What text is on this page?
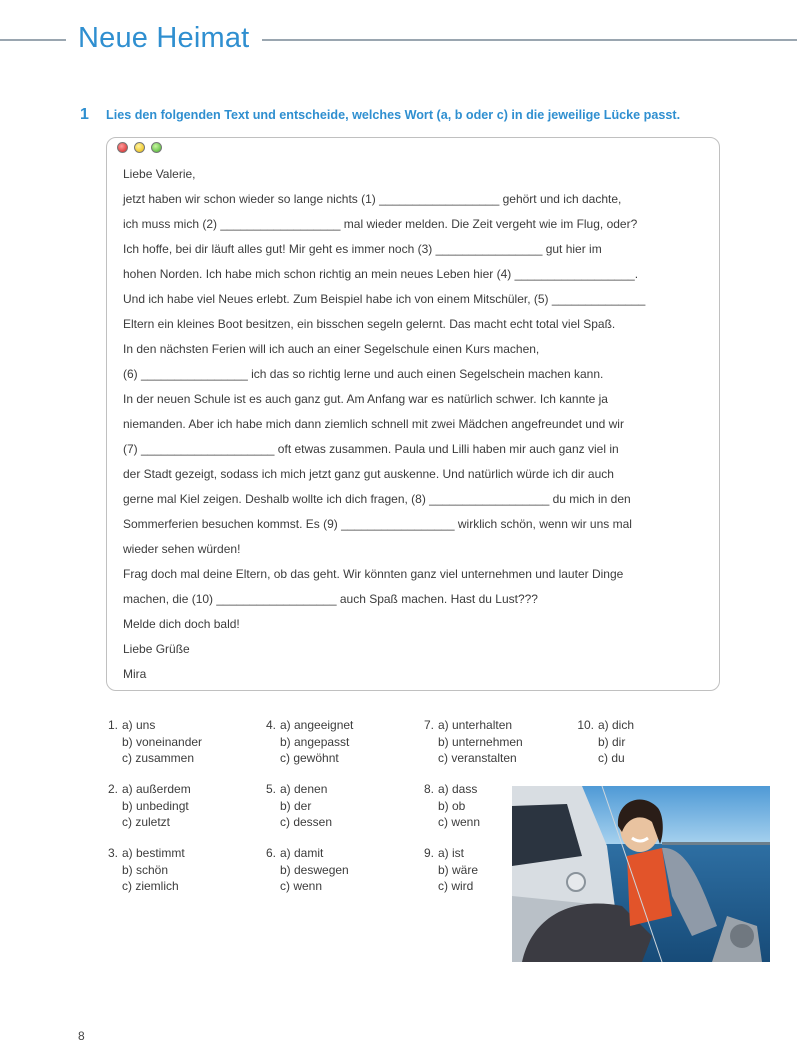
Neue Heimat
1 Lies den folgenden Text und entscheide, welches Wort (a, b oder c) in die jeweilige Lücke passt.
Liebe Valerie,
jetzt haben wir schon wieder so lange nichts (1) __________________ gehört und ich dachte,
ich muss mich (2) __________________ mal wieder melden. Die Zeit vergeht wie im Flug, oder?
Ich hoffe, bei dir läuft alles gut! Mir geht es immer noch (3) ________________ gut hier im
hohen Norden. Ich habe mich schon richtig an mein neues Leben hier (4) __________________.
Und ich habe viel Neues erlebt. Zum Beispiel habe ich von einem Mitschüler, (5) ______________
Eltern ein kleines Boot besitzen, ein bisschen segeln gelernt. Das macht echt total viel Spaß.
In den nächsten Ferien will ich auch an einer Segelschule einen Kurs machen,
(6) ________________ ich das so richtig lerne und auch einen Segelschein machen kann.
In der neuen Schule ist es auch ganz gut. Am Anfang war es natürlich schwer. Ich kannte ja
niemanden. Aber ich habe mich dann ziemlich schnell mit zwei Mädchen angefreundet und wir
(7) ____________________ oft etwas zusammen. Paula und Lilli haben mir auch ganz viel in
der Stadt gezeigt, sodass ich mich jetzt ganz gut auskenne. Und natürlich würde ich dir auch
gerne mal Kiel zeigen. Deshalb wollte ich dich fragen, (8) __________________ du mich in den
Sommerferien besuchen kommst. Es (9) _________________ wirklich schön, wenn wir uns mal
wieder sehen würden!
Frag doch mal deine Eltern, ob das geht. Wir könnten ganz viel unternehmen und lauter Dinge
machen, die (10) __________________ auch Spaß machen. Hast du Lust???
Melde dich doch bald!
Liebe Grüße
Mira
1. a) uns
b) voneinander
c) zusammen
2. a) außerdem
b) unbedingt
c) zuletzt
3. a) bestimmt
b) schön
c) ziemlich
4. a) angeeignet
b) angepasst
c) gewöhnt
5. a) denen
b) der
c) dessen
6. a) damit
b) deswegen
c) wenn
7. a) unterhalten
b) unternehmen
c) veranstalten
8. a) dass
b) ob
c) wenn
9. a) ist
b) wäre
c) wird
10. a) dich
b) dir
c) du
8
